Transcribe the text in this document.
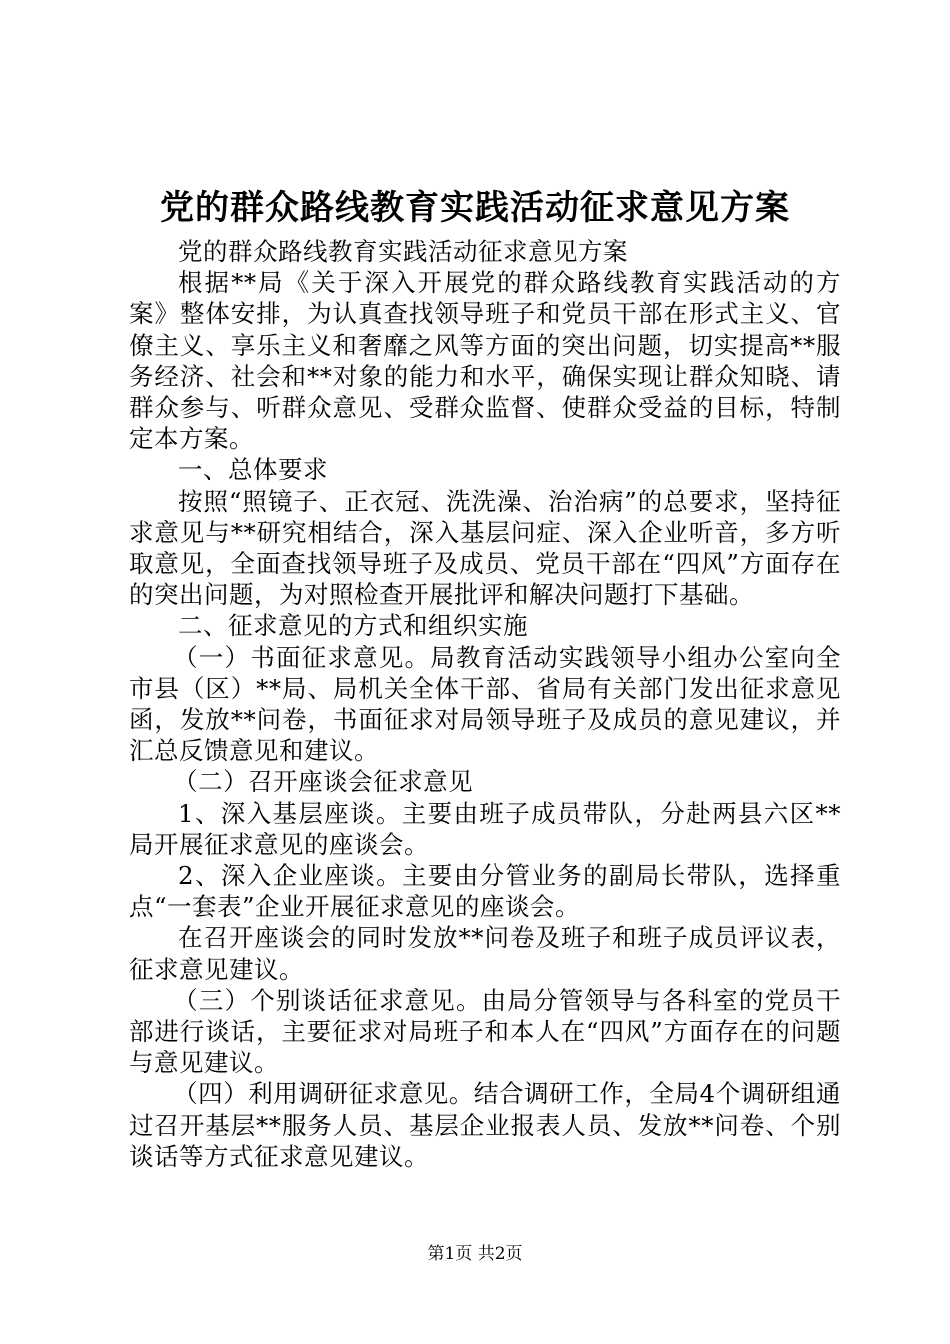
党的群众路线教育实践活动征求意见方案

党的群众路线教育实践活动征求意见方案

根据**局《关于深入开展党的群众路线教育实践活动的方案》整体安排，为认真查找领导班子和党员干部在形式主义、官僚主义、享乐主义和奢靡之风等方面的突出问题，切实提高**服务经济、社会和**对象的能力和水平，确保实现让群众知晓、请群众参与、听群众意见、受群众监督、使群众受益的目标，特制定本方案。

一、总体要求

按照“照镜子、正衣冠、洗洗澡、治治病”的总要求，坚持征求意见与**研究相结合，深入基层问症、深入企业听音，多方听取意见，全面查找领导班子及成员、党员干部在“四风”方面存在的突出问题，为对照检查开展批评和解决问题打下基础。

二、征求意见的方式和组织实施

（一）书面征求意见。局教育活动实践领导小组办公室向全市县（区）**局、局机关全体干部、省局有关部门发出征求意见函，发放**问卷，书面征求对局领导班子及成员的意见建议，并汇总反馈意见和建议。

（二）召开座谈会征求意见

1、深入基层座谈。主要由班子成员带队，分赴两县六区**局开展征求意见的座谈会。

2、深入企业座谈。主要由分管业务的副局长带队，选择重点“一套表”企业开展征求意见的座谈会。

在召开座谈会的同时发放**问卷及班子和班子成员评议表，征求意见建议。

（三）个别谈话征求意见。由局分管领导与各科室的党员干部进行谈话，主要征求对局班子和本人在“四风”方面存在的问题与意见建议。

（四）利用调研征求意见。结合调研工作，全局4个调研组通过召开基层**服务人员、基层企业报表人员、发放**问卷、个别谈话等方式征求意见建议。

第1页 共2页
